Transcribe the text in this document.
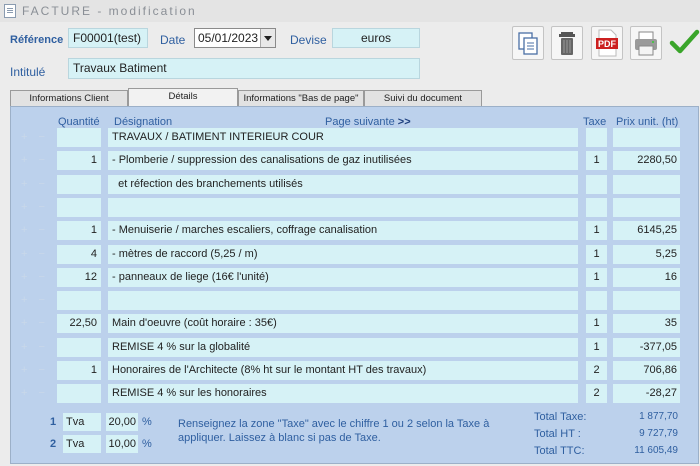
FACTURE - modification
Référence F00001(test)	Date	05/01/2023	Devise	euros
Intitulé	Travaux Batiment
PDF
Informations Client	Détails	Informations "Bas de page"	Suivi du document
Quantité Désignation	Page suivante >>	Taxe Prix unit. (ht)
+ −	TRAVAUX / BATIMENT INTERIEUR COUR
+ −	1	- Plomberie / suppression des canalisations de gaz inutilisées	1	2280,50
+ −	et réfection des branchements utilisés
+ −
+ −	1	- Menuiserie / marches escaliers, coffrage canalisation	1	6145,25
+ −	4	- mètres de raccord (5,25 / m)	1	5,25
+ −	12	- panneaux de liege (16€ l'unité)	1	16
+ −
+ −	22,50	Main d'oeuvre (coût horaire : 35€)	1	35
+ −	REMISE 4 % sur la globalité	1	-377,05
+ −	1	Honoraires de l'Architecte (8% ht sur le montant HT des travaux)	2	706,86
+ −	REMISE 4 % sur les honoraires	2	-28,27
1 Tva	20,00 %
2 Tva	10,00 %
Renseignez la zone "Taxe" avec le chiffre 1 ou 2 selon la Taxe à appliquer. Laissez à blanc si pas de Taxe.
Total Taxe:	1 877,70
Total HT :	9 727,79
Total TTC:	11 605,49
